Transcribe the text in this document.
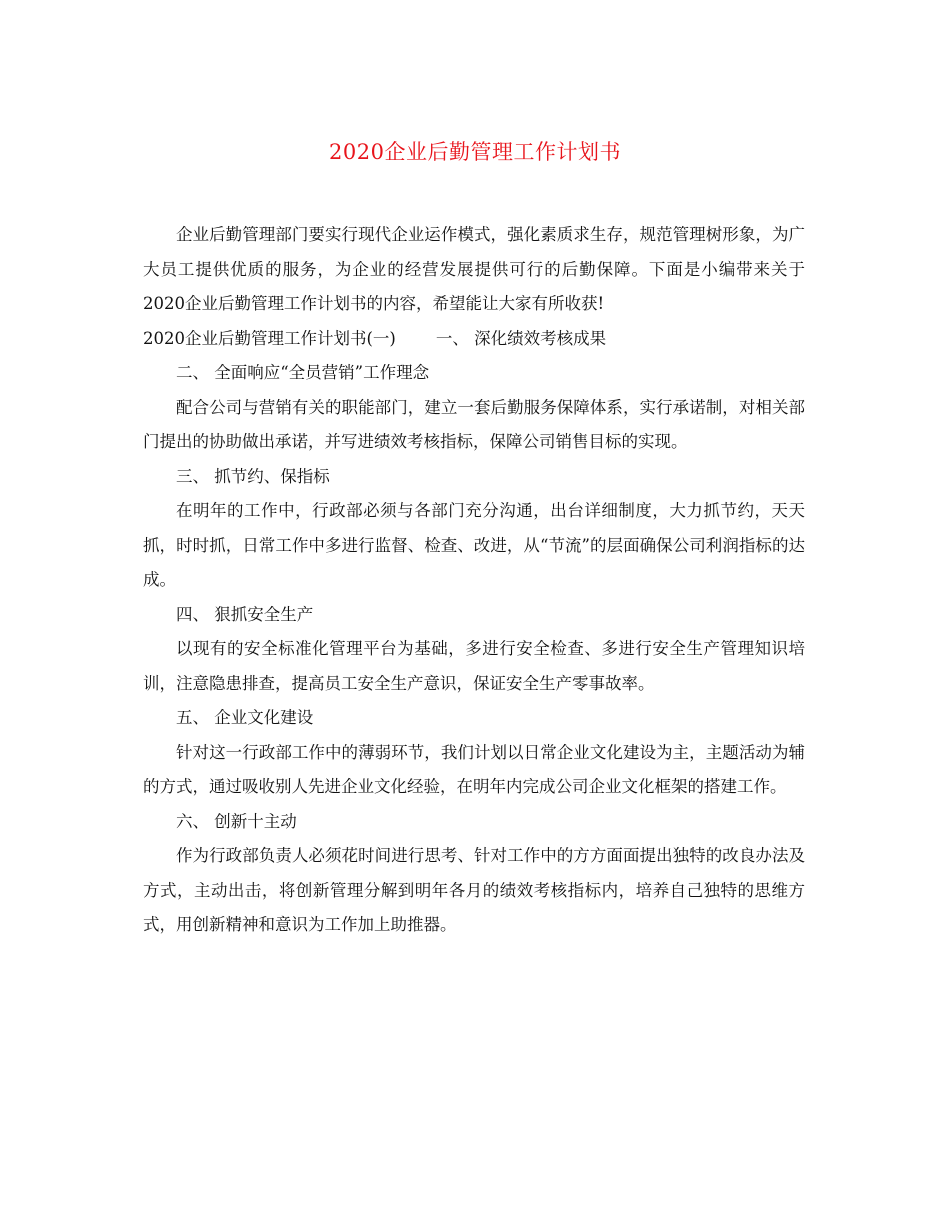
2020企业后勤管理工作计划书

企业后勤管理部门要实行现代企业运作模式，强化素质求生存，规范管理树形象，为广大员工提供优质的服务，为企业的经营发展提供可行的后勤保障。下面是小编带来关于2020企业后勤管理工作计划书的内容，希望能让大家有所收获!

2020企业后勤管理工作计划书(一) 一、 深化绩效考核成果

二、 全面响应“全员营销”工作理念

配合公司与营销有关的职能部门，建立一套后勤服务保障体系，实行承诺制，对相关部门提出的协助做出承诺，并写进绩效考核指标，保障公司销售目标的实现。

三、 抓节约、保指标

在明年的工作中，行政部必须与各部门充分沟通，出台详细制度，大力抓节约，天天抓，时时抓，日常工作中多进行监督、检查、改进，从“节流”的层面确保公司利润指标的达成。

四、 狠抓安全生产

以现有的安全标准化管理平台为基础，多进行安全检查、多进行安全生产管理知识培训，注意隐患排查，提高员工安全生产意识，保证安全生产零事故率。

五、 企业文化建设

针对这一行政部工作中的薄弱环节，我们计划以日常企业文化建设为主，主题活动为辅的方式，通过吸收别人先进企业文化经验，在明年内完成公司企业文化框架的搭建工作。

六、 创新十主动

作为行政部负责人必须花时间进行思考、针对工作中的方方面面提出独特的改良办法及方式，主动出击，将创新管理分解到明年各月的绩效考核指标内，培养自己独特的思维方式，用创新精神和意识为工作加上助推器。
